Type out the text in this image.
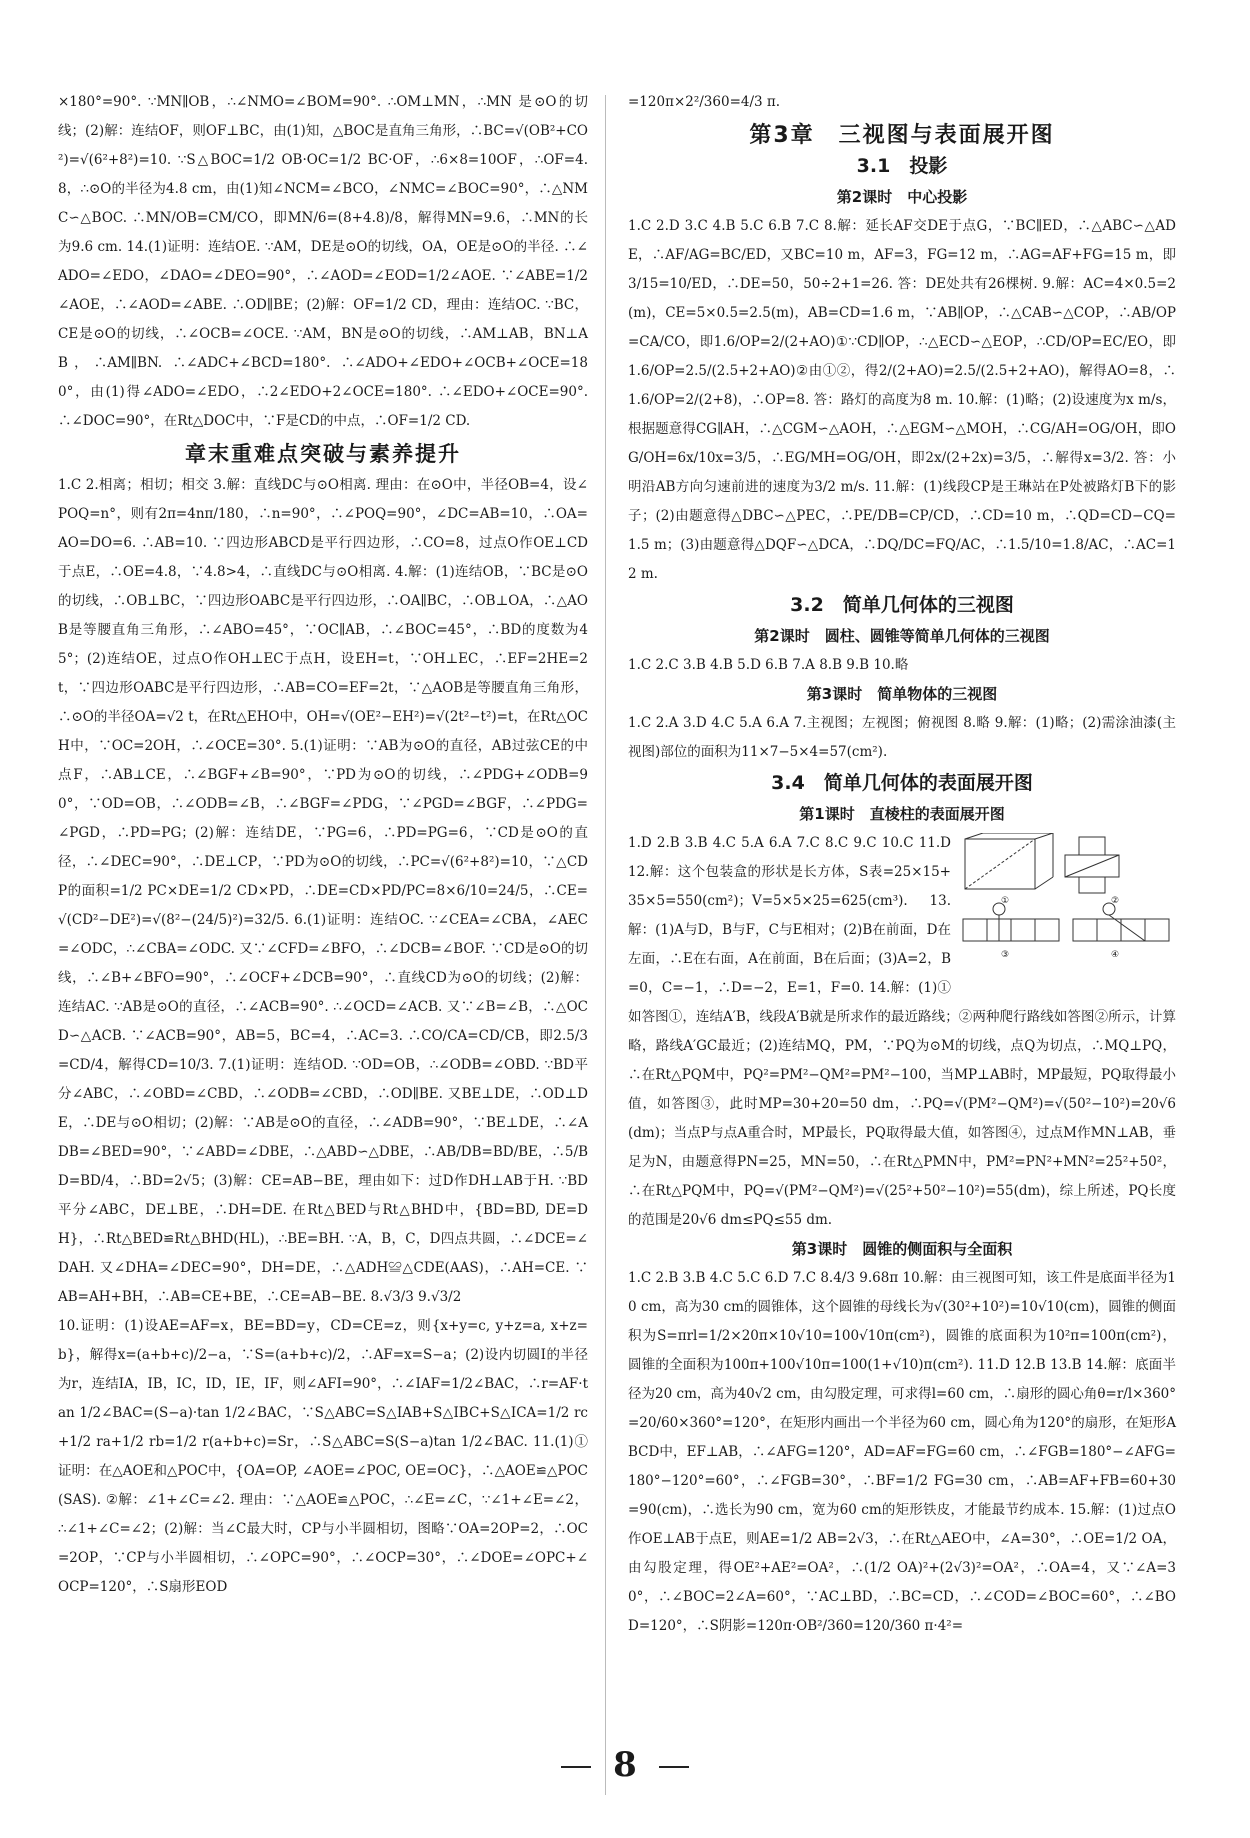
×180°=90°. ∵MN∥OB，∴∠NMO=∠BOM=90°. ∴OM⊥MN，∴MN 是⊙O的切线；(2)解：连结OF，则OF⊥BC，由(1)知，△BOC是直角三角形，∴BC=√(OB²+CO²)=√(6²+8²)=10. ∵S△BOC=1/2 OB·OC=1/2 BC·OF，∴6×8=10OF，∴OF=4.8，∴⊙O的半径为4.8 cm，由(1)知∠NCM=∠BCO，∠NMC=∠BOC=90°，∴△NMC∽△BOC. ∴MN/OB=CM/CO，即MN/6=(8+4.8)/8，解得MN=9.6，∴MN的长为9.6 cm. 14.(1)证明：连结OE. ∵AM，DE是⊙O的切线，OA，OE是⊙O的半径. ∴∠ADO=∠EDO，∠DAO=∠DEO=90°，∴∠AOD=∠EOD=1/2∠AOE. ∵∠ABE=1/2∠AOE，∴∠AOD=∠ABE. ∴OD∥BE；(2)解：OF=1/2 CD，理由：连结OC. ∵BC，CE是⊙O的切线，∴∠OCB=∠OCE. ∵AM，BN是⊙O的切线，∴AM⊥AB，BN⊥AB，∴AM∥BN. ∴∠ADC+∠BCD=180°. ∴∠ADO+∠EDO+∠OCB+∠OCE=180°，由(1)得∠ADO=∠EDO，∴2∠EDO+2∠OCE=180°. ∴∠EDO+∠OCE=90°. ∴∠DOC=90°，在Rt△DOC中，∵F是CD的中点，∴OF=1/2 CD.

章末重难点突破与素养提升

1.C 2.相离；相切；相交 3.解：直线DC与⊙O相离. 理由：在⊙O中，半径OB=4，设∠POQ=n°，则有2π=4nπ/180，∴n=90°，∴∠POQ=90°，∠DC=AB=10，∴OA=AO=DO=6. ∴AB=10. ∵四边形ABCD是平行四边形，∴CO=8，过点O作OE⊥CD于点E，∴OE=4.8，∵4.8>4，∴直线DC与⊙O相离. 4.解：(1)连结OB，∵BC是⊙O的切线，∴OB⊥BC，∵四边形OABC是平行四边形，∴OA∥BC，∴OB⊥OA，∴△AOB是等腰直角三角形，∴∠ABO=45°，∵OC∥AB，∴∠BOC=45°，∴BD的度数为45°；(2)连结OE，过点O作OH⊥EC于点H，设EH=t，∵OH⊥EC，∴EF=2HE=2t，∵四边形OABC是平行四边形，∴AB=CO=EF=2t，∵△AOB是等腰直角三角形，∴⊙O的半径OA=√2 t，在Rt△EHO中，OH=√(OE²−EH²)=√(2t²−t²)=t，在Rt△OCH中，∵OC=2OH，∴∠OCE=30°. 5.(1)证明：∵AB为⊙O的直径，AB过弦CE的中点F，∴AB⊥CE，∴∠BGF+∠B=90°，∵PD为⊙O的切线，∴∠PDG+∠ODB=90°，∵OD=OB，∴∠ODB=∠B，∴∠BGF=∠PDG，∵∠PGD=∠BGF，∴∠PDG=∠PGD，∴PD=PG；(2)解：连结DE，∵PG=6，∴PD=PG=6，∵CD是⊙O的直径，∴∠DEC=90°，∴DE⊥CP，∵PD为⊙O的切线，∴PC=√(6²+8²)=10，∵△CDP的面积=1/2 PC×DE=1/2 CD×PD，∴DE=CD×PD/PC=8×6/10=24/5，∴CE=√(CD²−DE²)=√(8²−(24/5)²)=32/5. 6.(1)证明：连结OC. ∵∠CEA=∠CBA，∠AEC=∠ODC，∴∠CBA=∠ODC. 又∵∠CFD=∠BFO，∴∠DCB=∠BOF. ∵CD是⊙O的切线，∴∠B+∠BFO=90°，∴∠OCF+∠DCB=90°，∴直线CD为⊙O的切线；(2)解：连结AC. ∵AB是⊙O的直径，∴∠ACB=90°. ∴∠OCD=∠ACB. 又∵∠B=∠B，∴△OCD∽△ACB. ∵∠ACB=90°，AB=5，BC=4，∴AC=3. ∴CO/CA=CD/CB，即2.5/3=CD/4，解得CD=10/3. 7.(1)证明：连结OD. ∵OD=OB，∴∠ODB=∠OBD. ∵BD平分∠ABC，∴∠OBD=∠CBD，∴∠ODB=∠CBD，∴OD∥BE. 又BE⊥DE，∴OD⊥DE，∴DE与⊙O相切；(2)解：∵AB是⊙O的直径，∴∠ADB=90°，∵BE⊥DE，∴∠ADB=∠BED=90°，∵∠ABD=∠DBE，∴△ABD∽△DBE，∴AB/DB=BD/BE，∴5/BD=BD/4，∴BD=2√5；(3)解：CE=AB−BE，理由如下：过D作DH⊥AB于H. ∵BD平分∠ABC，DE⊥BE，∴DH=DE. 在Rt△BED与Rt△BHD中，{BD=BD, DE=DH}，∴Rt△BED≌Rt△BHD(HL)，∴BE=BH. ∵A，B，C，D四点共圆，∴∠DCE=∠DAH. 又∠DHA=∠DEC=90°，DH=DE，∴△ADH≌△CDE(AAS)，∴AH=CE. ∵AB=AH+BH，∴AB=CE+BE，∴CE=AB−BE. 8.√3/3 9.√3/2

10.证明：(1)设AE=AF=x，BE=BD=y，CD=CE=z，则{x+y=c, y+z=a, x+z=b}，解得x=(a+b+c)/2−a，∵S=(a+b+c)/2，∴AF=x=S−a；(2)设内切圆I的半径为r，连结IA，IB，IC，ID，IE，IF，则∠AFI=90°，∴∠IAF=1/2∠BAC，∴r=AF·tan 1/2∠BAC=(S−a)·tan 1/2∠BAC，∵S△ABC=S△IAB+S△IBC+S△ICA=1/2 rc+1/2 ra+1/2 rb=1/2 r(a+b+c)=Sr，∴S△ABC=S(S−a)tan 1/2∠BAC. 11.(1)①证明：在△AOE和△POC中，{OA=OP, ∠AOE=∠POC, OE=OC}，∴△AOE≌△POC(SAS). ②解：∠1+∠C=∠2. 理由：∵△AOE≌△POC，∴∠E=∠C，∵∠1+∠E=∠2，∴∠1+∠C=∠2；(2)解：当∠C最大时，CP与小半圆相切，图略∵OA=2OP=2，∴OC=2OP，∵CP与小半圆相切，∴∠OPC=90°，∴∠OCP=30°，∴∠DOE=∠OPC+∠OCP=120°，∴S扇形EOD

=120π×2²/360=4/3 π.

第3章　三视图与表面展开图
3.1　投影
第2课时　中心投影

1.C 2.D 3.C 4.B 5.C 6.B 7.C 8.解：延长AF交DE于点G，∵BC∥ED，∴△ABC∽△ADE，∴AF/AG=BC/ED，又BC=10 m，AF=3，FG=12 m，∴AG=AF+FG=15 m，即3/15=10/ED，∴DE=50，50÷2+1=26. 答：DE处共有26棵树. 9.解：AC=4×0.5=2(m)，CE=5×0.5=2.5(m)，AB=CD=1.6 m，∵AB∥OP，∴△CAB∽△COP，∴AB/OP=CA/CO，即1.6/OP=2/(2+AO)①∵CD∥OP，∴△ECD∽△EOP，∴CD/OP=EC/EO，即1.6/OP=2.5/(2.5+2+AO)②由①②，得2/(2+AO)=2.5/(2.5+2+AO)，解得AO=8，∴1.6/OP=2/(2+8)，∴OP=8. 答：路灯的高度为8 m. 10.解：(1)略；(2)设速度为x m/s，根据题意得CG∥AH，∴△CGM∽△AOH，∴△EGM∽△MOH，∴CG/AH=OG/OH，即OG/OH=6x/10x=3/5，∴EG/MH=OG/OH，即2x/(2+2x)=3/5，∴解得x=3/2. 答：小明沿AB方向匀速前进的速度为3/2 m/s. 11.解：(1)线段CP是王琳站在P处被路灯B下的影子；(2)由题意得△DBC∽△PEC，∴PE/DB=CP/CD，∴CD=10 m，∴QD=CD−CQ=1.5 m；(3)由题意得△DQF∽△DCA，∴DQ/DC=FQ/AC，∴1.5/10=1.8/AC，∴AC=12 m.

3.2　简单几何体的三视图
第2课时　圆柱、圆锥等简单几何体的三视图

1.C 2.C 3.B 4.B 5.D 6.B 7.A 8.B 9.B 10.略

第3课时　简单物体的三视图

1.C 2.A 3.D 4.C 5.A 6.A 7.主视图；左视图；俯视图 8.略 9.解：(1)略；(2)需涂油漆(主视图)部位的面积为11×7−5×4=57(cm²).

3.4　简单几何体的表面展开图
第1课时　直棱柱的表面展开图
①	②
③	④

1.D 2.B 3.B 4.C 5.A 6.A 7.C 8.C 9.C 10.C 11.D 12.解：这个包装盒的形状是长方体，S表=25×15+35×5=550(cm²)；V=5×5×25=625(cm³). 13.解：(1)A与D，B与F，C与E相对；(2)B在前面，D在左面，∴E在右面，A在前面，B在后面；(3)A=2，B=0，C=−1，∴D=−2，E=1，F=0. 14.解：(1)①如答图①，连结A′B，线段A′B就是所求作的最近路线；②两种爬行路线如答图②所示，计算略，路线A′GC最近；(2)连结MQ，PM，∵PQ为⊙M的切线，点Q为切点，∴MQ⊥PQ，∴在Rt△PQM中，PQ²=PM²−QM²=PM²−100，当MP⊥AB时，MP最短，PQ取得最小值，如答图③，此时MP=30+20=50 dm，∴PQ=√(PM²−QM²)=√(50²−10²)=20√6(dm)；当点P与点A重合时，MP最长，PQ取得最大值，如答图④，过点M作MN⊥AB，垂足为N，由题意得PN=25，MN=50，∴在Rt△PMN中，PM²=PN²+MN²=25²+50²，∴在Rt△PQM中，PQ=√(PM²−QM²)=√(25²+50²−10²)=55(dm)，综上所述，PQ长度的范围是20√6 dm≤PQ≤55 dm.

第3课时　圆锥的侧面积与全面积

1.C 2.B 3.B 4.C 5.C 6.D 7.C 8.4/3 9.68π 10.解：由三视图可知，该工件是底面半径为10 cm，高为30 cm的圆锥体，这个圆锥的母线长为√(30²+10²)=10√10(cm)，圆锥的侧面积为S=πrl=1/2×20π×10√10=100√10π(cm²)，圆锥的底面积为10²π=100π(cm²)，圆锥的全面积为100π+100√10π=100(1+√10)π(cm²). 11.D 12.B 13.B 14.解：底面半径为20 cm，高为40√2 cm，由勾股定理，可求得l=60 cm，∴扇形的圆心角θ=r/l×360°=20/60×360°=120°，在矩形内画出一个半径为60 cm，圆心角为120°的扇形，在矩形ABCD中，EF⊥AB，∴∠AFG=120°，AD=AF=FG=60 cm，∴∠FGB=180°−∠AFG=180°−120°=60°，∴∠FGB=30°，∴BF=1/2 FG=30 cm，∴AB=AF+FB=60+30=90(cm)，∴选长为90 cm，宽为60 cm的矩形铁皮，才能最节约成本. 15.解：(1)过点O作OE⊥AB于点E，则AE=1/2 AB=2√3，∴在Rt△AEO中，∠A=30°，∴OE=1/2 OA，由勾股定理，得OE²+AE²=OA²，∴(1/2 OA)²+(2√3)²=OA²，∴OA=4，又∵∠A=30°，∴∠BOC=2∠A=60°，∵AC⊥BD，∴BC=CD，∴∠COD=∠BOC=60°，∴∠BOD=120°，∴S阴影=120π·OB²/360=120/360 π·4²=

8
